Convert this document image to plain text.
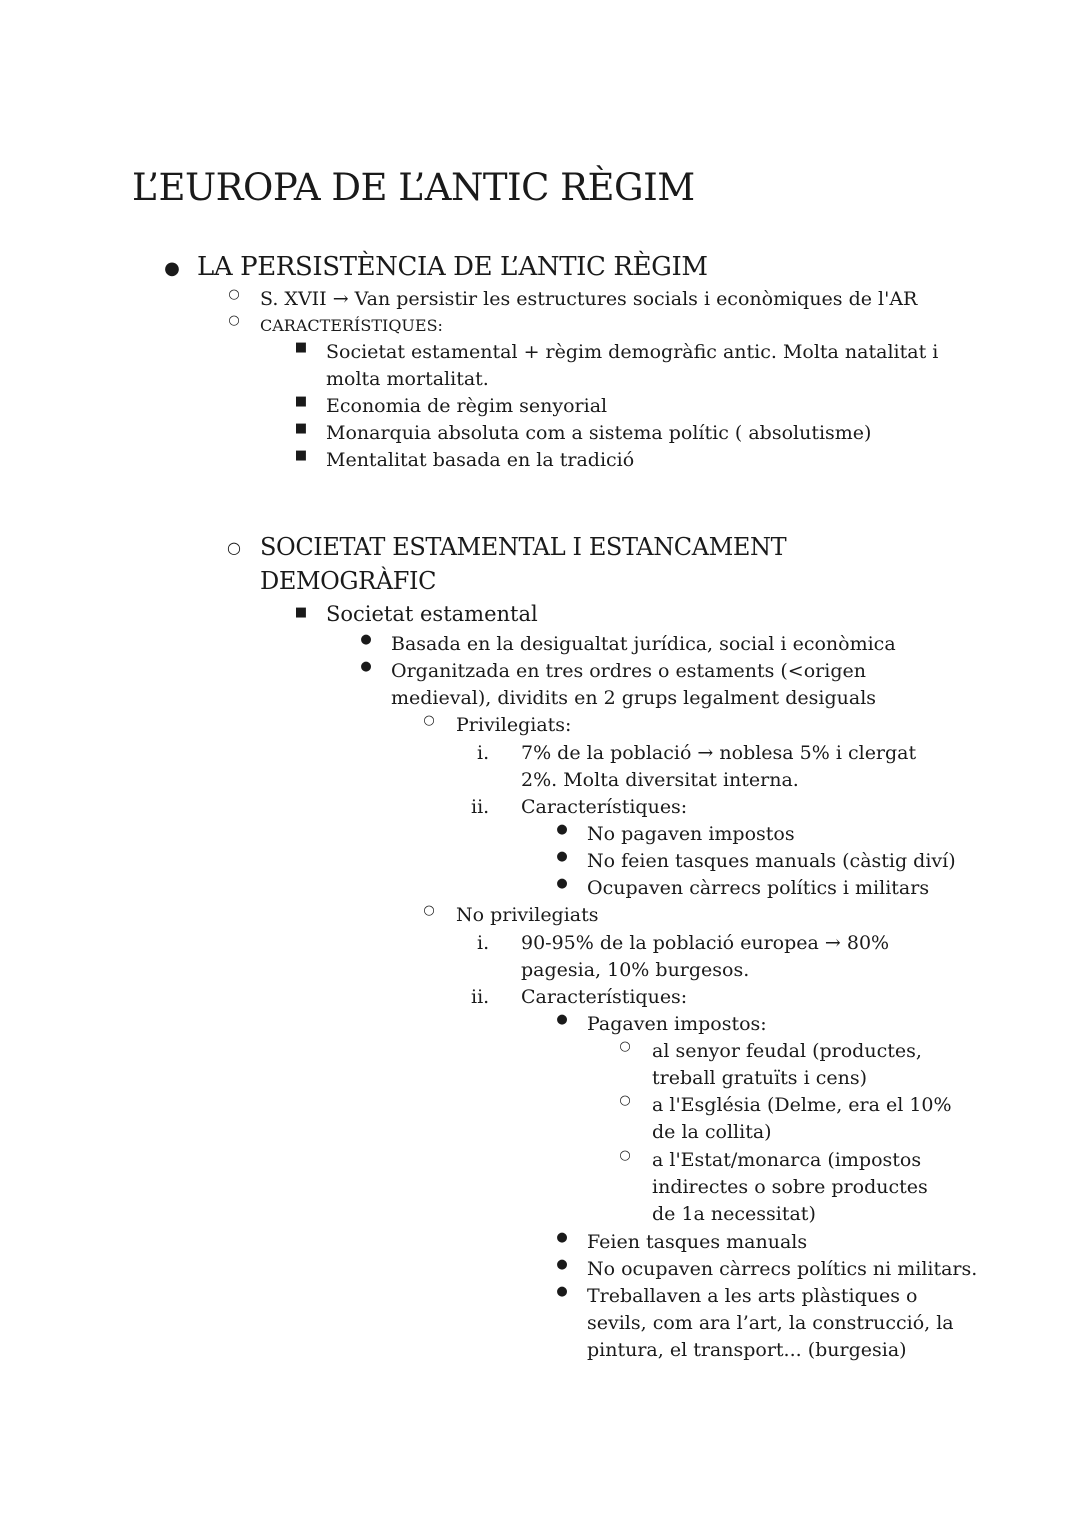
L’EUROPA DE L’ANTIC RÈGIM
● LA PERSISTÈNCIA DE L’ANTIC RÈGIM
○ S. XVII → Van persistir les estructures socials i econòmiques de l'AR
○ CARACTERÍSTIQUES:
■ Societat estamental + règim demogràfic antic. Molta natalitat i molta mortalitat.
■ Economia de règim senyorial
■ Monarquia absoluta com a sistema polític ( absolutisme)
■ Mentalitat basada en la tradició
○ SOCIETAT ESTAMENTAL I ESTANCAMENT DEMOGRÀFIC
■ Societat estamental
● Basada en la desigualtat jurídica, social i econòmica
● Organitzada en tres ordres o estaments (<origen medieval), dividits en 2 grups legalment desiguals
○ Privilegiats:
i. 7% de la població → noblesa 5% i clergat 2%. Molta diversitat interna.
ii. Característiques:
● No pagaven impostos
● No feien tasques manuals (càstig diví)
● Ocupaven càrrecs polítics i militars
○ No privilegiats
i. 90-95% de la població europea → 80% pagesia, 10% burgesos.
ii. Característiques:
● Pagaven impostos:
○ al senyor feudal (productes, treball gratuïts i cens)
○ a l'Església (Delme, era el 10% de la collita)
○ a l'Estat/monarca (impostos indirectes o sobre productes de 1a necessitat)
● Feien tasques manuals
● No ocupaven càrrecs polítics ni militars.
● Treballaven a les arts plàstiques o sevils, com ara l’art, la construcció, la pintura, el transport... (burgesia)
